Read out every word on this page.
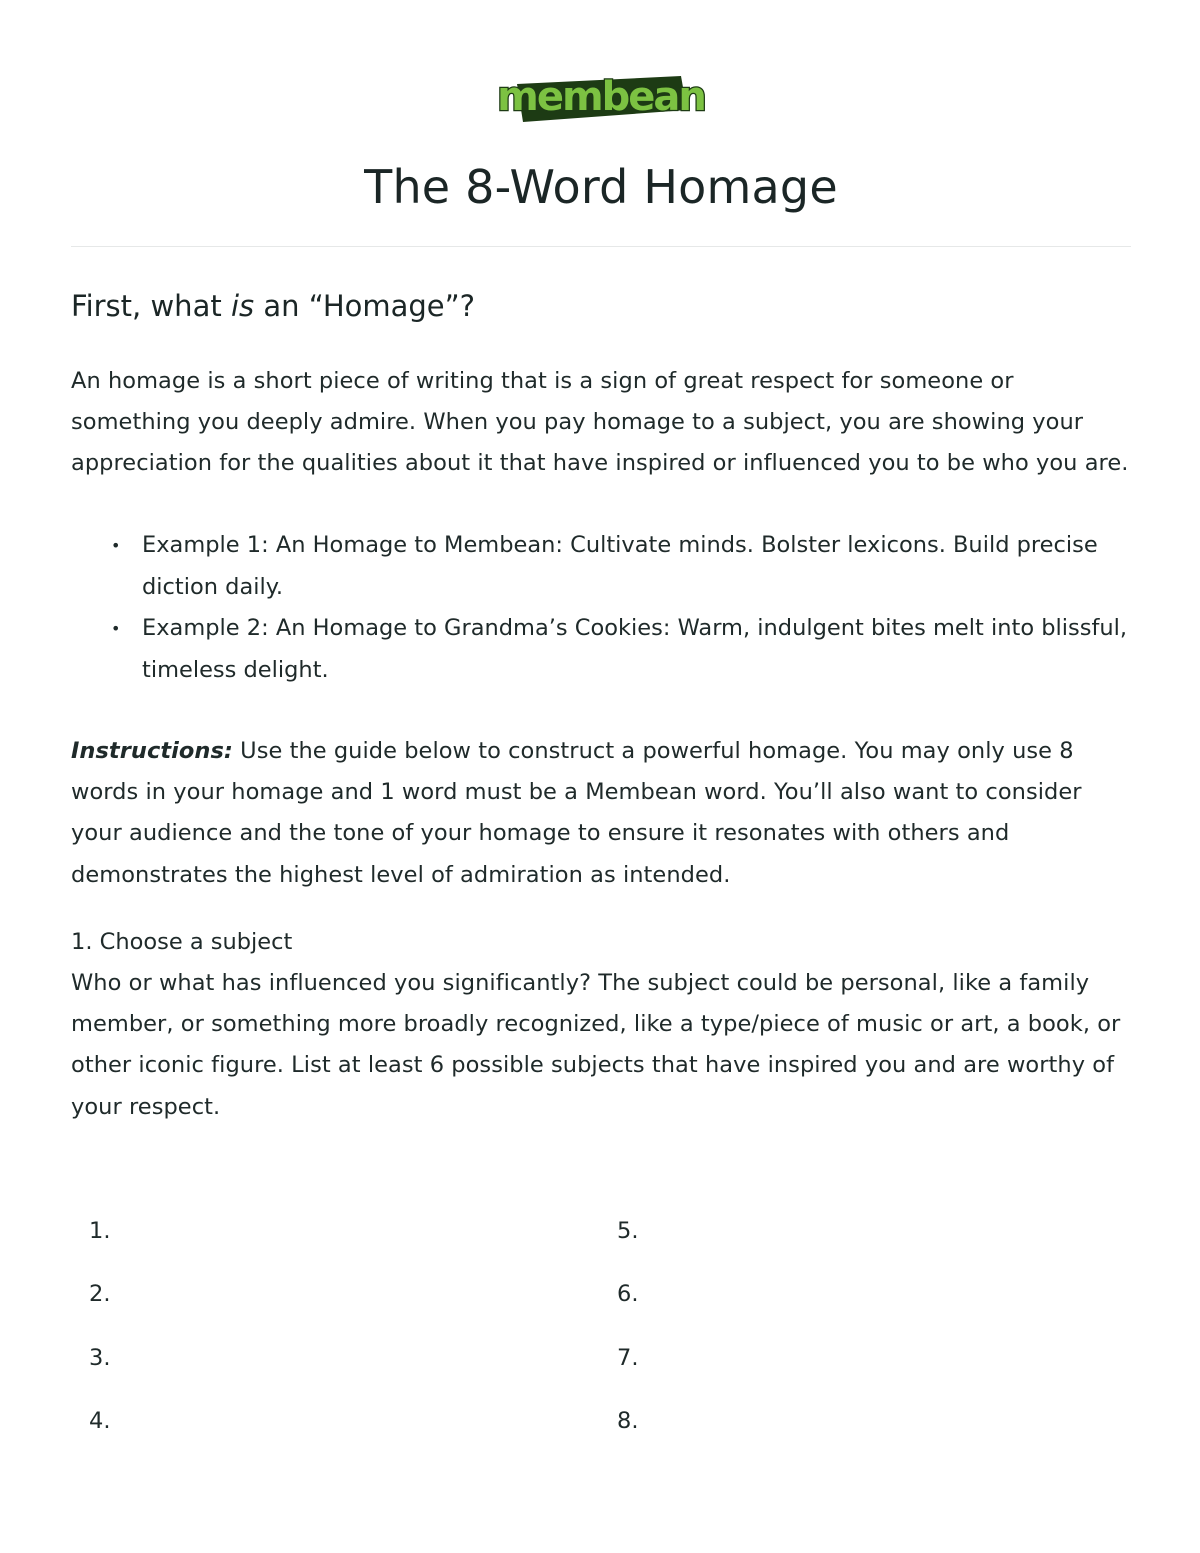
membean
The 8-Word Homage
First, what is an “Homage”?

An homage is a short piece of writing that is a sign of great respect for someone or something you deeply admire. When you pay homage to a subject, you are showing your appreciation for the qualities about it that have inspired or influenced you to be who you are.

• Example 1: An Homage to Membean: Cultivate minds. Bolster lexicons. Build precise diction daily.
• Example 2: An Homage to Grandma’s Cookies: Warm, indulgent bites melt into blissful, timeless delight.

Instructions: Use the guide below to construct a powerful homage. You may only use 8 words in your homage and 1 word must be a Membean word. You’ll also want to consider your audience and the tone of your homage to ensure it resonates with others and demonstrates the highest level of admiration as intended.

1. Choose a subject

Who or what has influenced you significantly? The subject could be personal, like a family member, or something more broadly recognized, like a type/piece of music or art, a book, or other iconic figure. List at least 6 possible subjects that have inspired you and are worthy of your respect.

1.
2.
3.
4.
5.
6.
7.
8.
